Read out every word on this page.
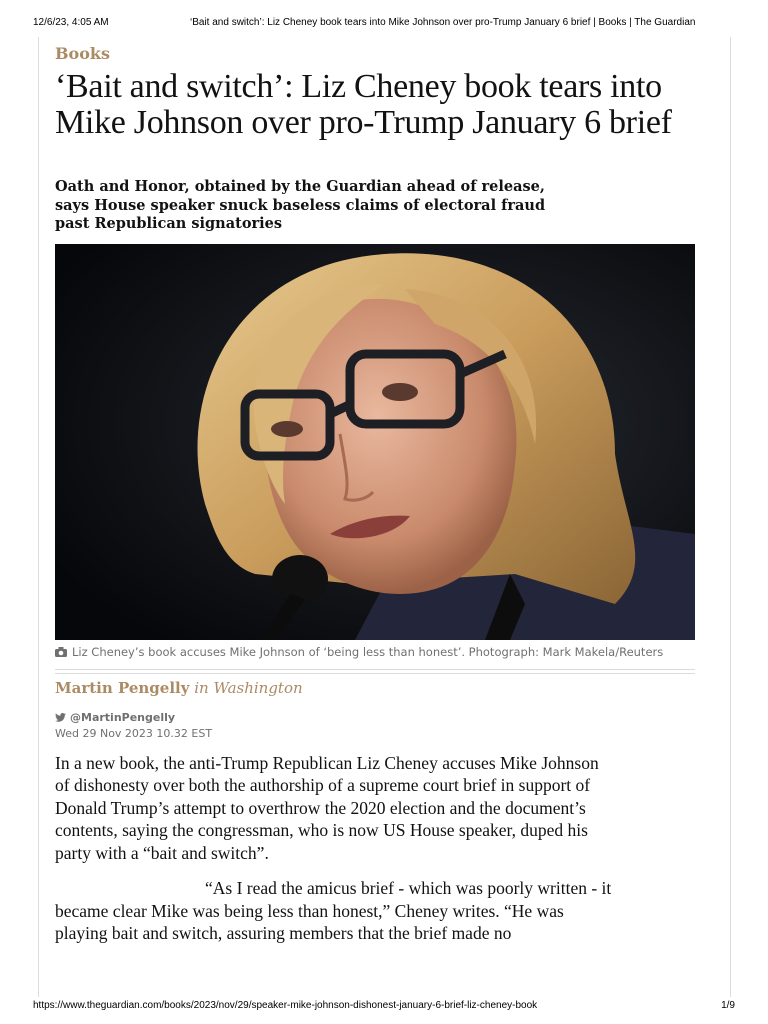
12/6/23, 4:05 AM	‘Bait and switch’: Liz Cheney book tears into Mike Johnson over pro-Trump January 6 brief | Books | The Guardian
Books
‘Bait and switch’: Liz Cheney book tears into Mike Johnson over pro-Trump January 6 brief
Oath and Honor, obtained by the Guardian ahead of release, says House speaker snuck baseless claims of electoral fraud past Republican signatories
Liz Cheney’s book accuses Mike Johnson of ‘being less than honest’. Photograph: Mark Makela/Reuters
Martin Pengelly in Washington
@MartinPengelly
Wed 29 Nov 2023 10.32 EST

In a new book, the anti-Trump Republican Liz Cheney accuses Mike Johnson of dishonesty over both the authorship of a supreme court brief in support of Donald Trump’s attempt to overthrow the 2020 election and the document’s contents, saying the congressman, who is now US House speaker, duped his party with a “bait and switch”.

“As I read the amicus brief - which was poorly written - it became clear Mike was being less than honest,” Cheney writes. “He was playing bait and switch, assuring members that the brief made no

https://www.theguardian.com/books/2023/nov/29/speaker-mike-johnson-dishonest-january-6-brief-liz-cheney-book	1/9
